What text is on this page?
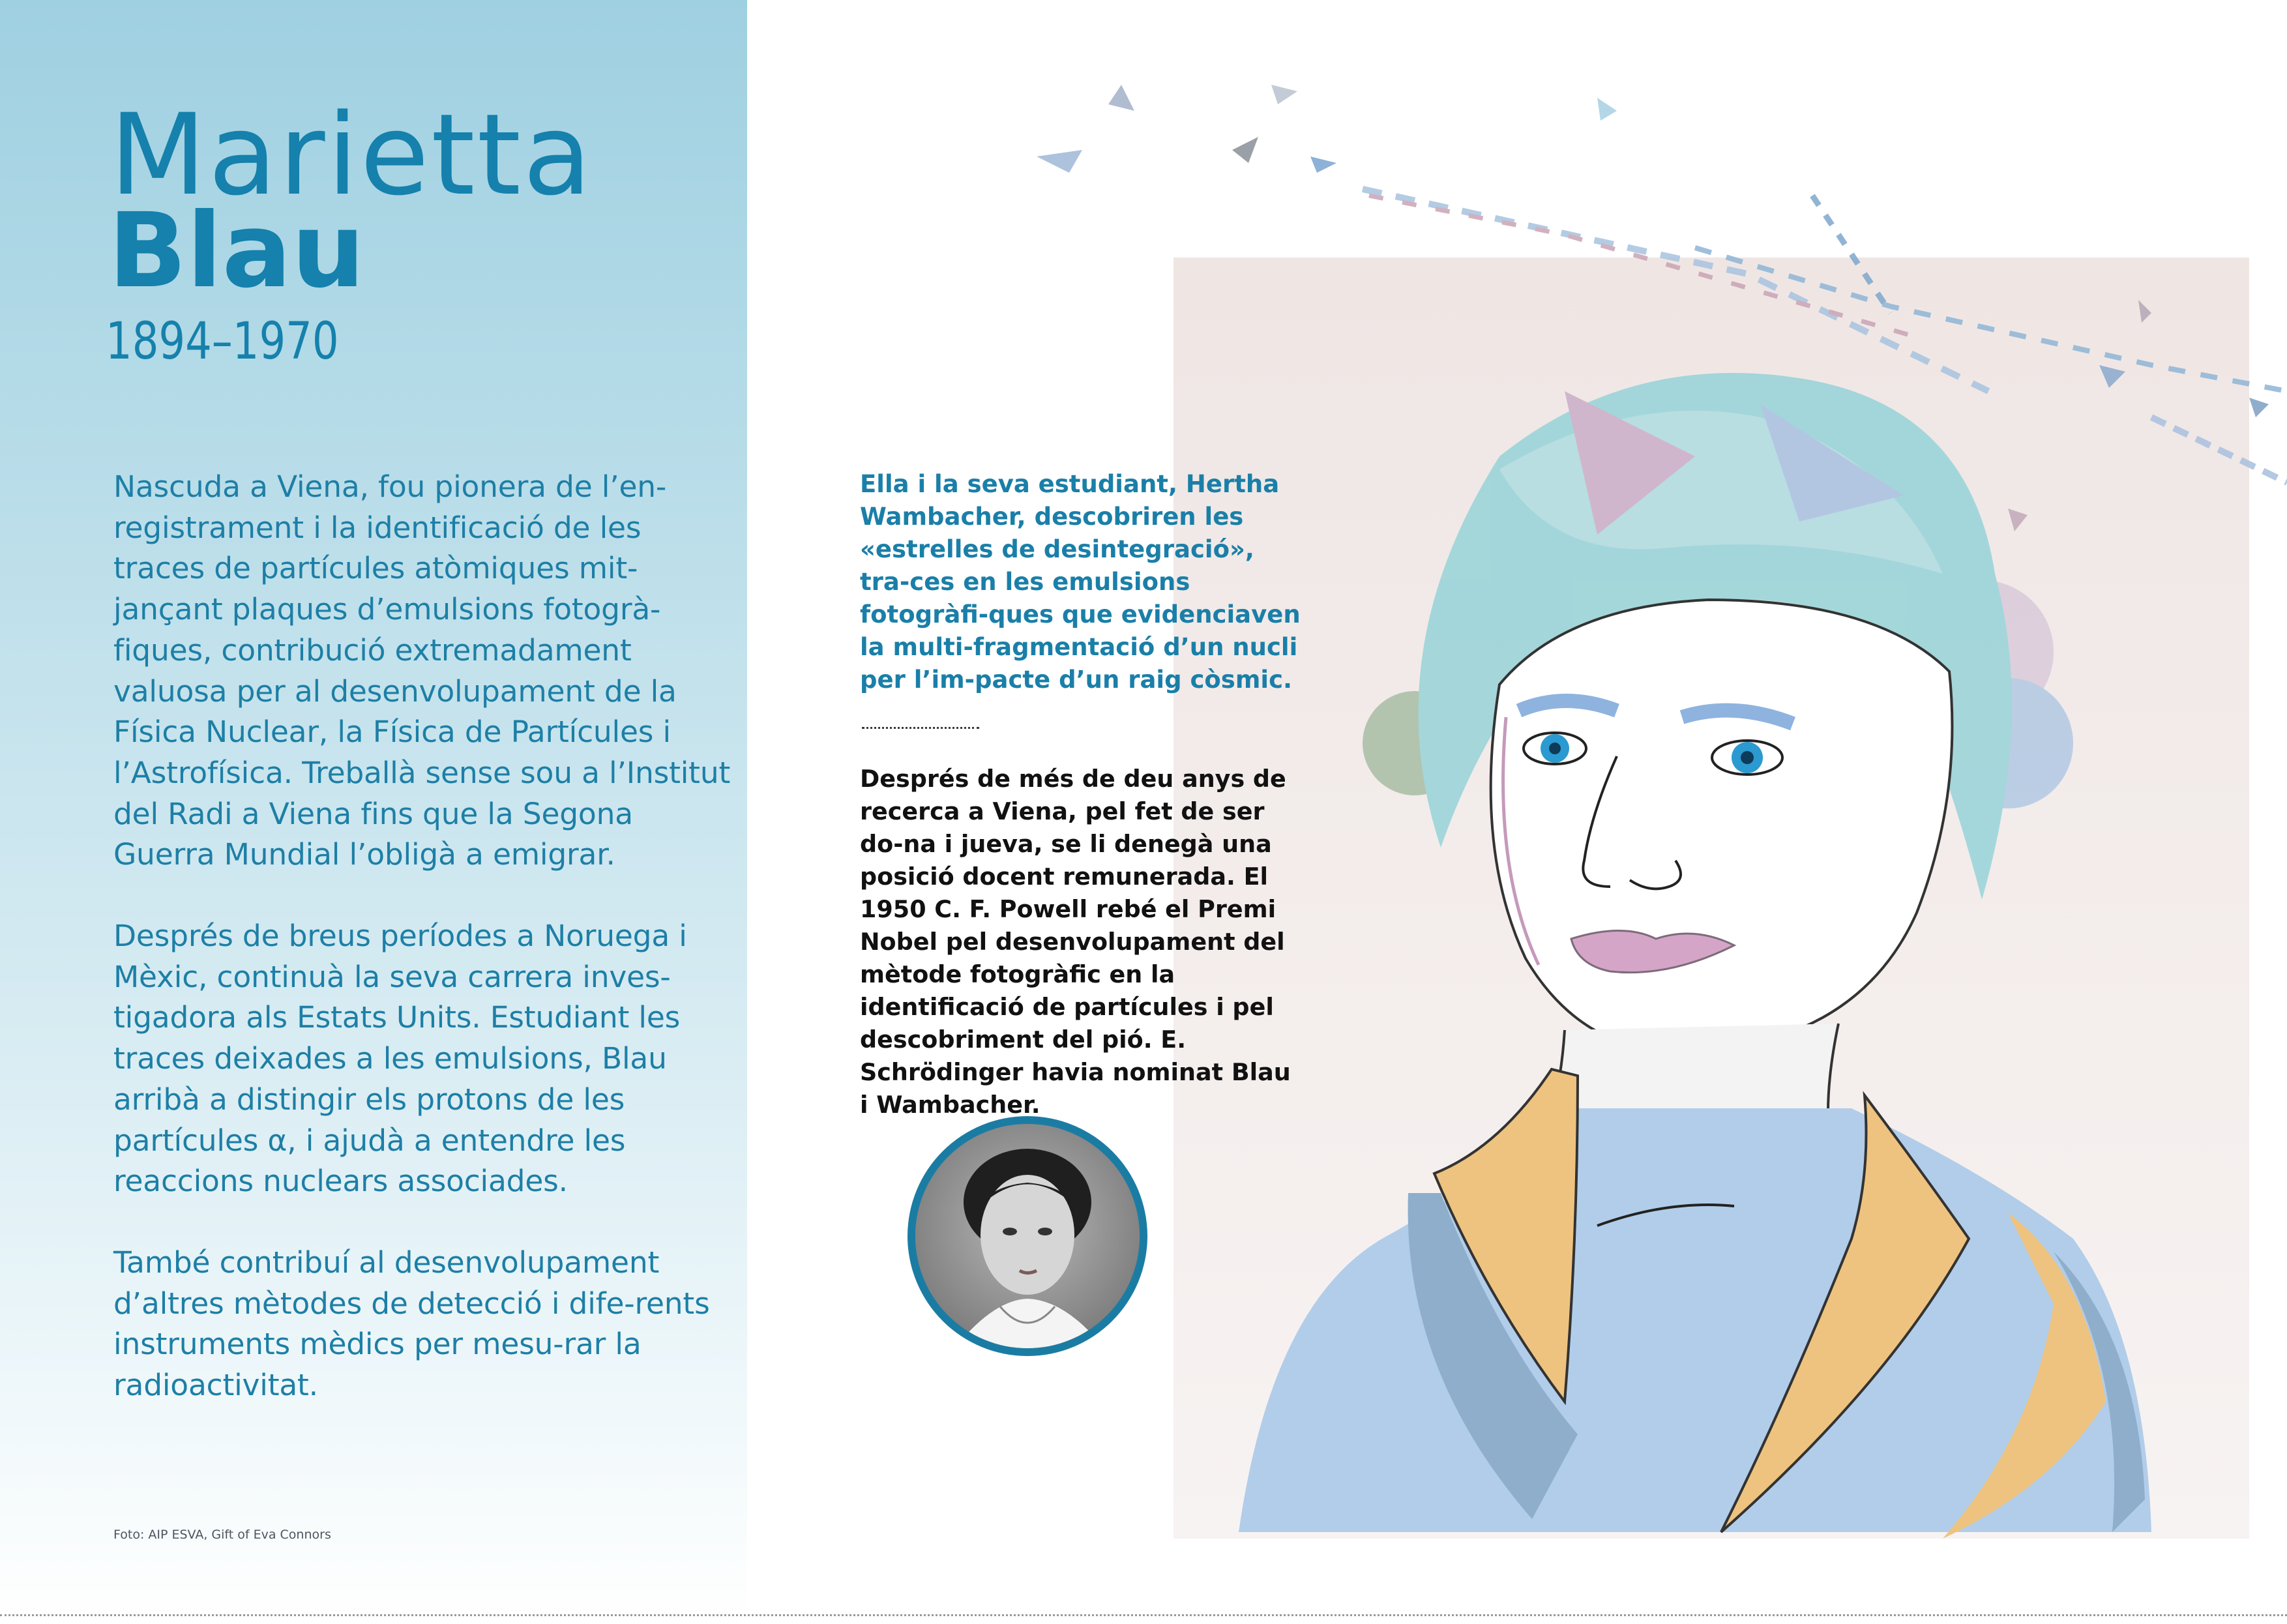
Marietta
Blau
1894–1970

Nascuda a Viena, fou pionera de l’en-registrament i la identificació de les traces de partícules atòmiques mit-jançant plaques d’emulsions fotogrà-fiques, contribució extremadament valuosa per al desenvolupament de la Física Nuclear, la Física de Partícules i l’Astrofísica. Treballà sense sou a l’Institut del Radi a Viena fins que la Segona Guerra Mundial l’obligà a emigrar.

Després de breus períodes a Noruega i Mèxic, continuà la seva carrera inves-tigadora als Estats Units. Estudiant les traces deixades a les emulsions, Blau arribà a distingir els protons de les partícules α, i ajudà a entendre les reaccions nuclears associades.

També contribuí al desenvolupament d’altres mètodes de detecció i dife-rents instruments mèdics per mesu-rar la radioactivitat.

Foto: AIP ESVA, Gift of Eva Connors
Ella i la seva estudiant, Hertha Wambacher, descobriren les «estrelles de desintegració», tra-ces en les emulsions fotogràfi-ques que evidenciaven la multi-fragmentació d’un nucli per l’im-pacte d’un raig còsmic.
Després de més de deu anys de recerca a Viena, pel fet de ser do-na i jueva, se li denegà una posició docent remunerada. El 1950 C. F. Powell rebé el Premi Nobel pel desenvolupament del mètode fotogràfic en la identificació de partícules i pel descobriment del pió. E. Schrödinger havia nominat Blau i Wambacher.
